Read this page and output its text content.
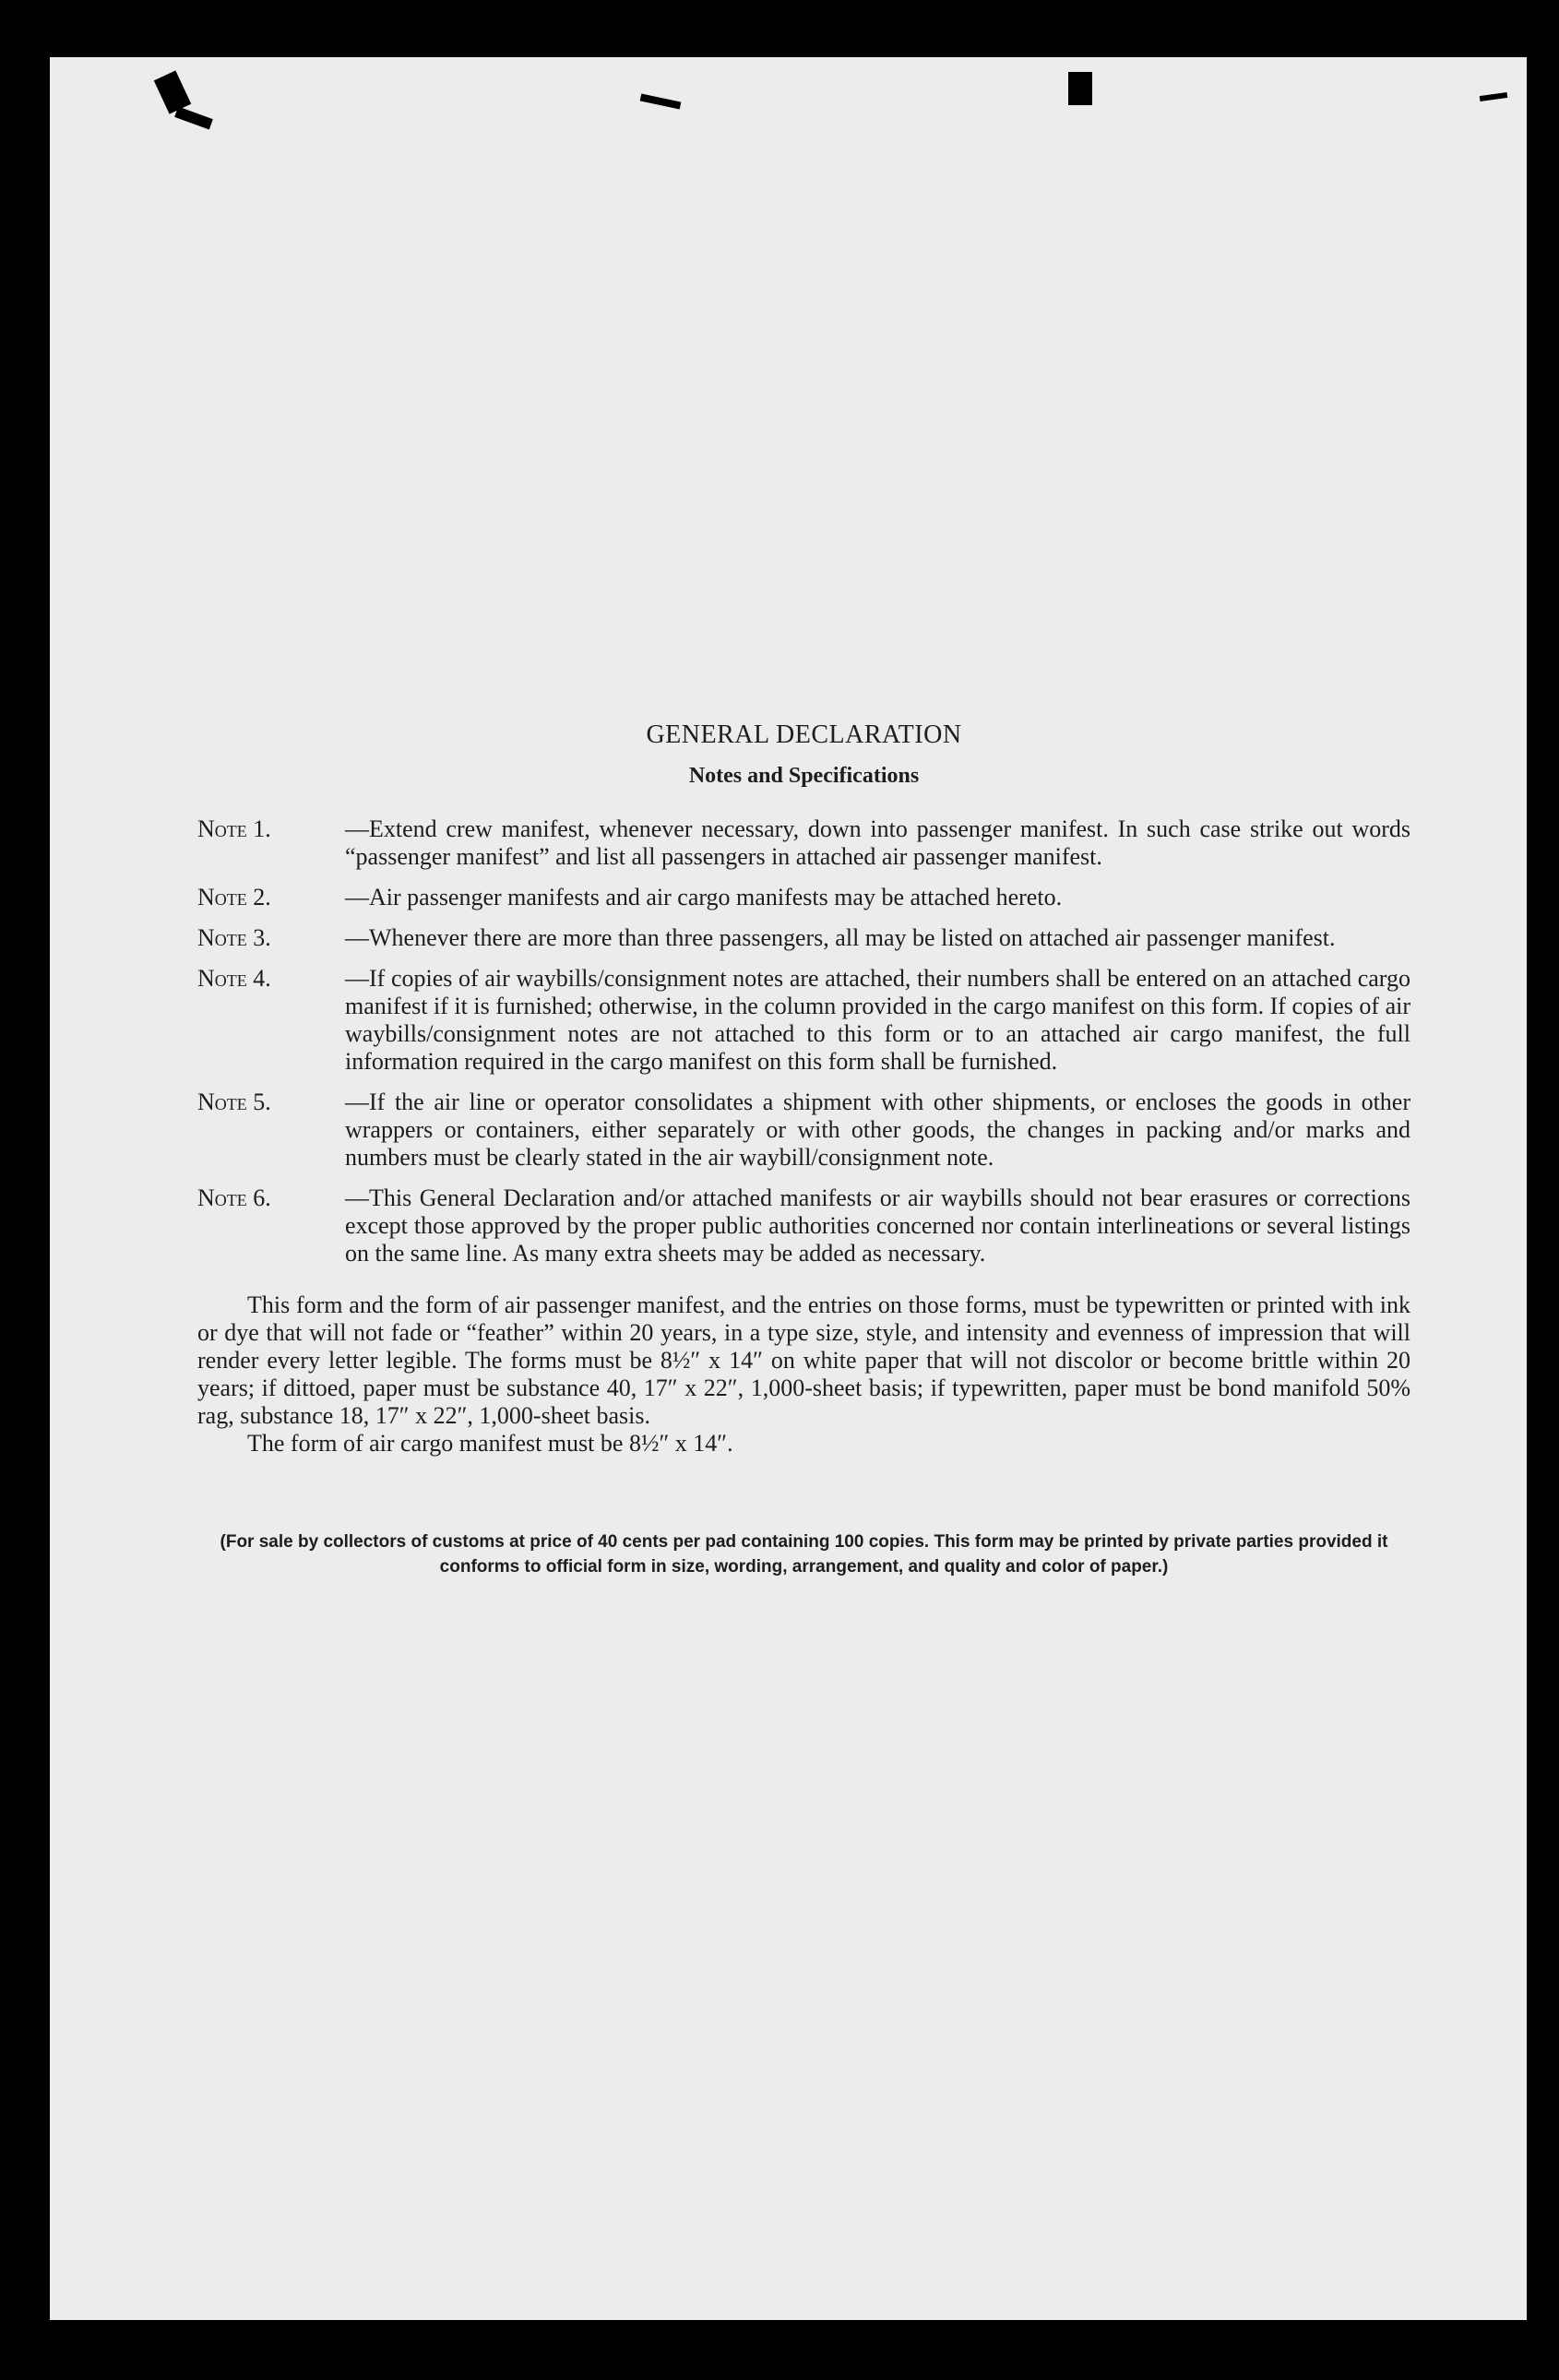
GENERAL DECLARATION
Notes and Specifications
Note 1.	—Extend crew manifest, whenever necessary, down into passenger manifest. In such case strike out words “passenger manifest” and list all passengers in attached air passenger manifest.
Note 2.	—Air passenger manifests and air cargo manifests may be attached hereto.
Note 3.	—Whenever there are more than three passengers, all may be listed on attached air passenger manifest.
Note 4.	—If copies of air waybills/consignment notes are attached, their numbers shall be entered on an attached cargo manifest if it is furnished; otherwise, in the column provided in the cargo manifest on this form. If copies of air waybills/consignment notes are not attached to this form or to an attached air cargo manifest, the full information required in the cargo manifest on this form shall be furnished.
Note 5.	—If the air line or operator consolidates a shipment with other shipments, or encloses the goods in other wrappers or containers, either separately or with other goods, the changes in packing and/or marks and numbers must be clearly stated in the air waybill/consignment note.
Note 6.	—This General Declaration and/or attached manifests or air waybills should not bear erasures or corrections except those approved by the proper public authorities concerned nor contain interlineations or several listings on the same line. As many extra sheets may be added as necessary.

This form and the form of air passenger manifest, and the entries on those forms, must be typewritten or printed with ink or dye that will not fade or “feather” within 20 years, in a type size, style, and intensity and evenness of impression that will render every letter legible. The forms must be 8½″ x 14″ on white paper that will not discolor or become brittle within 20 years; if dittoed, paper must be substance 40, 17″ x 22″, 1,000-sheet basis; if typewritten, paper must be bond manifold 50% rag, substance 18, 17″ x 22″, 1,000-sheet basis.

The form of air cargo manifest must be 8½″ x 14″.

(For sale by collectors of customs at price of 40 cents per pad containing 100 copies. This form may be printed by private parties provided it conforms to official form in size, wording, arrangement, and quality and color of paper.)
